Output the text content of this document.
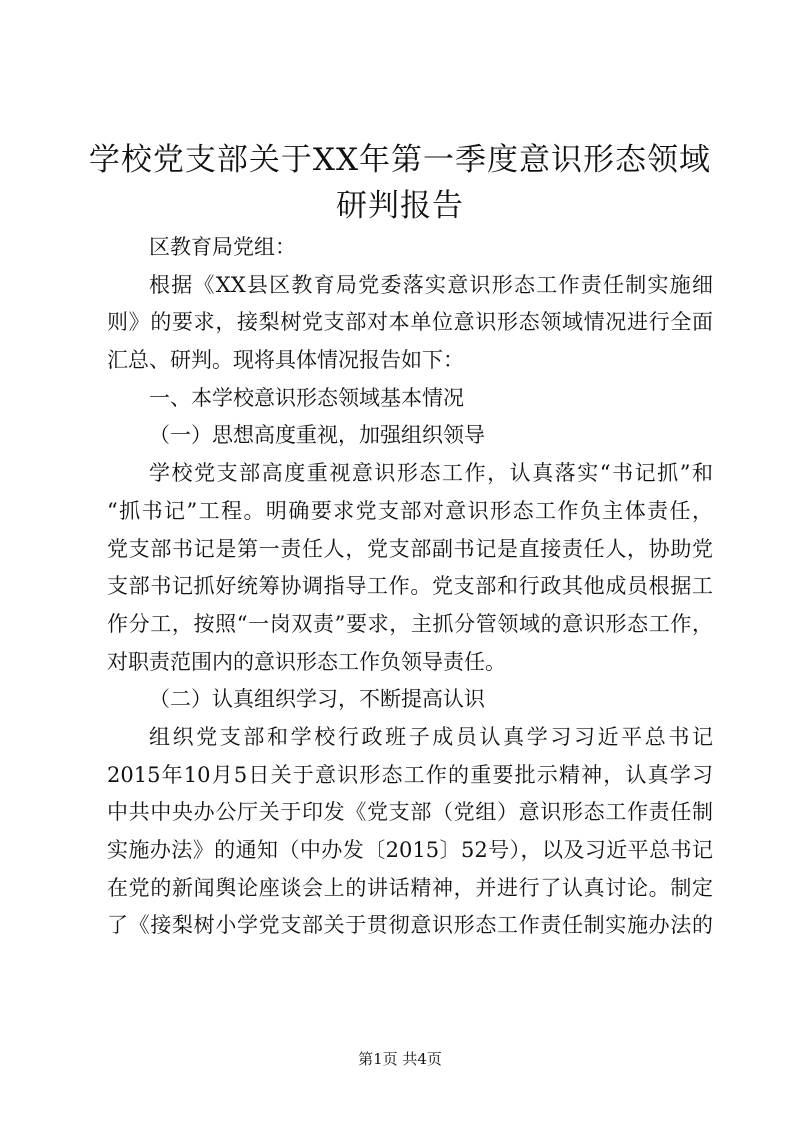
学校党支部关于XX年第一季度意识形态领域
研判报告
区教育局党组：
根据《XX县区教育局党委落实意识形态工作责任制实施细
则》的要求，接梨树党支部对本单位意识形态领域情况进行全面
汇总、研判。现将具体情况报告如下：
一、本学校意识形态领域基本情况
（一）思想高度重视，加强组织领导
学校党支部高度重视意识形态工作，认真落实“书记抓”和
“抓书记”工程。明确要求党支部对意识形态工作负主体责任，
党支部书记是第一责任人，党支部副书记是直接责任人，协助党
支部书记抓好统筹协调指导工作。党支部和行政其他成员根据工
作分工，按照“一岗双责”要求，主抓分管领域的意识形态工作，
对职责范围内的意识形态工作负领导责任。
（二）认真组织学习，不断提高认识
组织党支部和学校行政班子成员认真学习习近平总书记
2015年10月5日关于意识形态工作的重要批示精神，认真学习
中共中央办公厅关于印发《党支部（党组）意识形态工作责任制
实施办法》的通知（中办发〔2015〕52号），以及习近平总书记
在党的新闻舆论座谈会上的讲话精神，并进行了认真讨论。制定
了《接梨树小学党支部关于贯彻意识形态工作责任制实施办法的
第1页 共4页
